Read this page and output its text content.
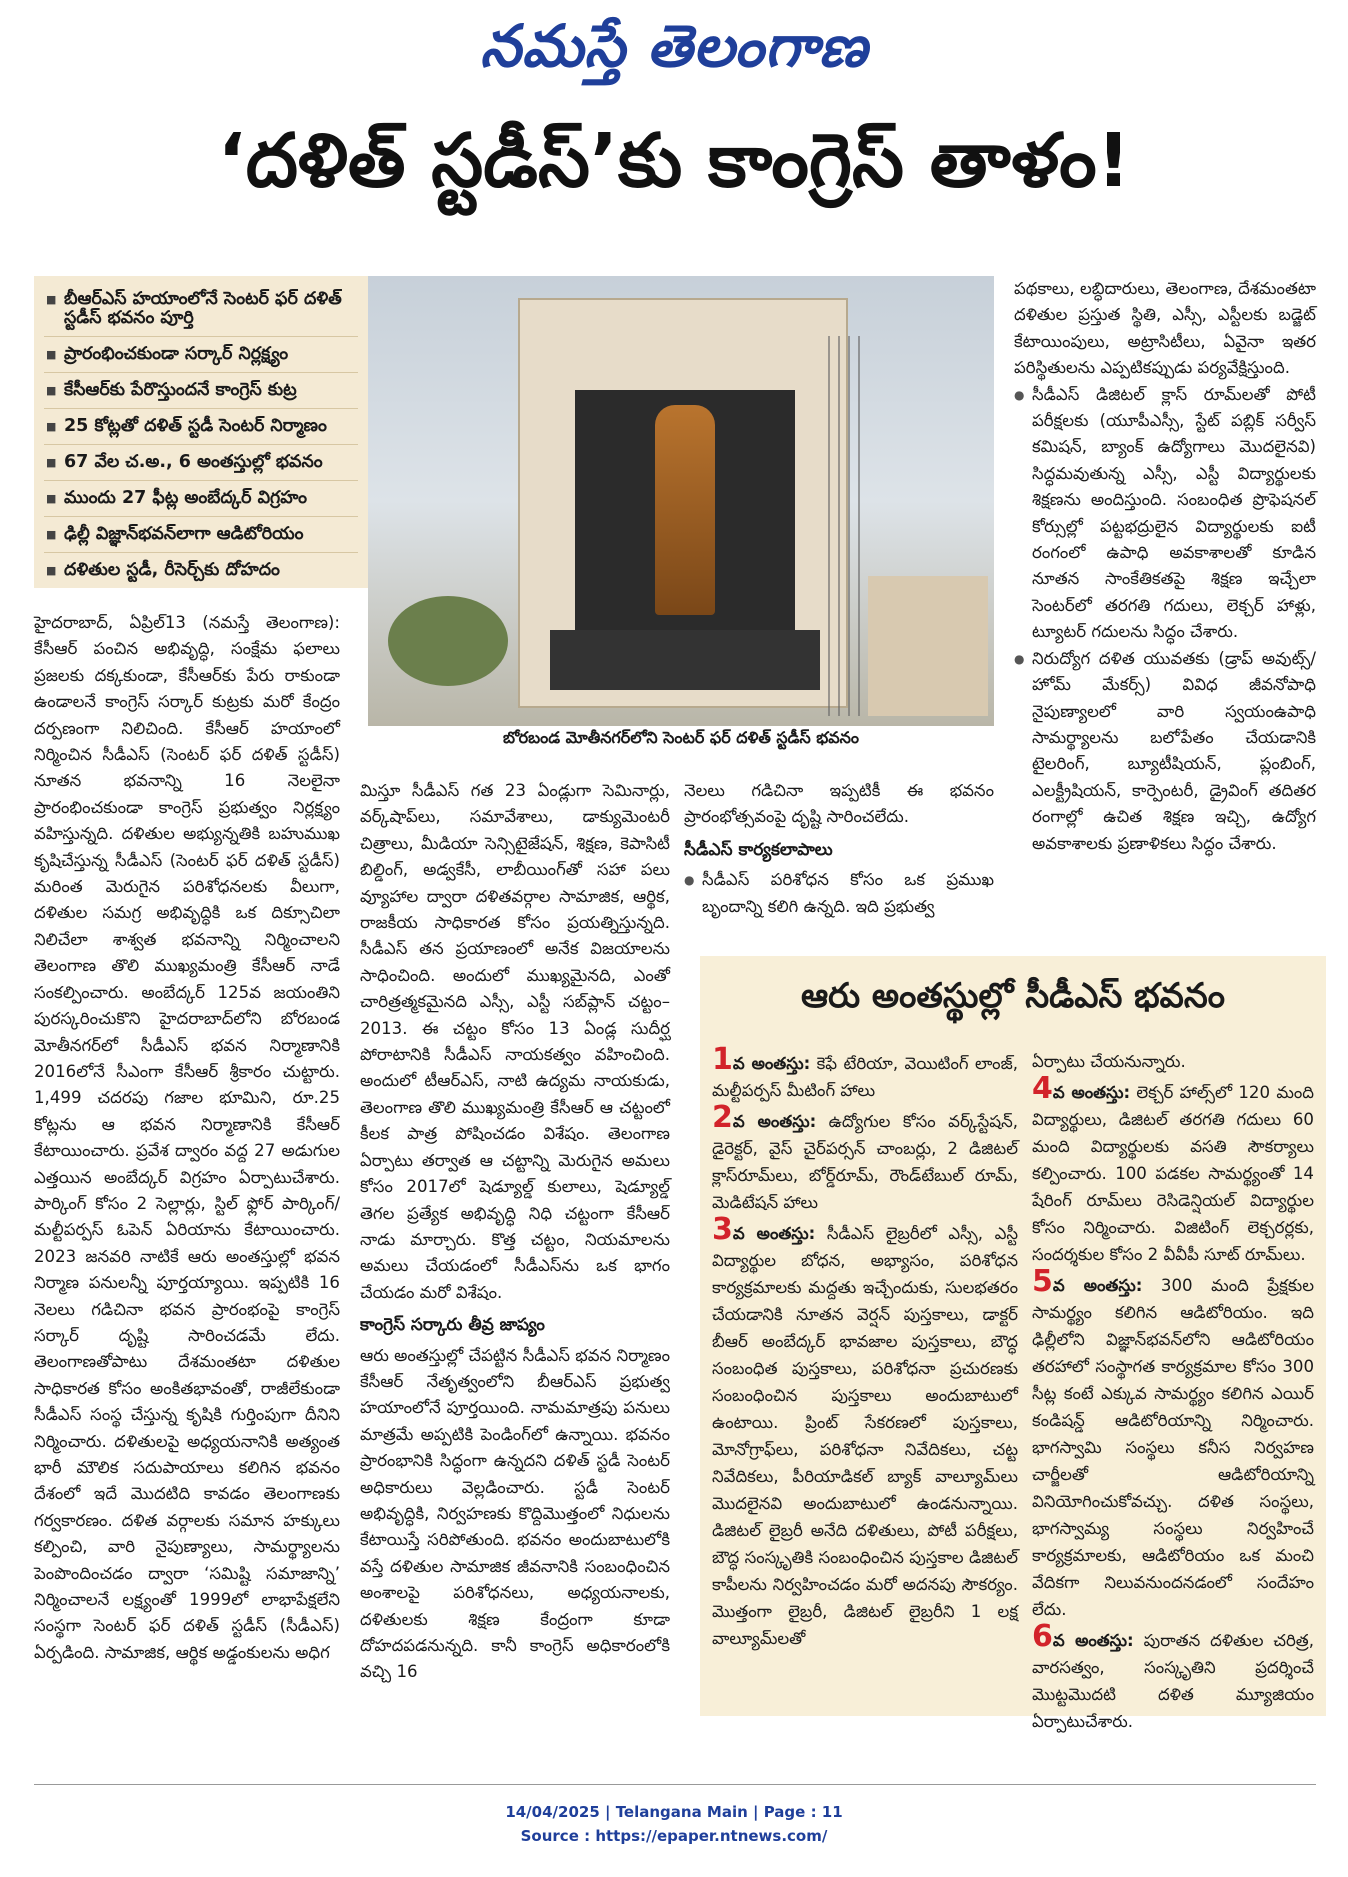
నమస్తే తెలంగాణ
‘దళిత్ స్టడీస్’కు కాంగ్రెస్ తాళం!
■ బీఆర్ఎస్ హయాంలోనే సెంటర్ ఫర్ దళిత్ స్టడీస్ భవనం పూర్తి
■ ప్రారంభించకుండా సర్కార్ నిర్లక్ష్యం
■ కేసీఆర్‌కు పేరొస్తుందనే కాంగ్రెస్ కుట్ర
■ 25 కోట్లతో దళిత్ స్టడీ సెంటర్ నిర్మాణం
■ 67 వేల చ.అ., 6 అంతస్తుల్లో భవనం
■ ముందు 27 ఫీట్ల అంబేద్కర్ విగ్రహం
■ ఢిల్లీ విజ్ఞాన్‌భవన్‌లాగా ఆడిటోరియం
■ దళితుల స్టడీ, రీసెర్చ్‌కు దోహదం
బోరబండ మోతీనగర్‌లోని సెంటర్ ఫర్ దళిత్ స్టడీస్ భవనం

హైదరాబాద్, ఏప్రిల్13 (నమస్తే తెలంగాణ): కేసీఆర్ పంచిన అభివృద్ధి, సంక్షేమ ఫలాలు ప్రజలకు దక్కకుండా, కేసీఆర్‌కు పేరు రాకుండా ఉండాలనే కాంగ్రెస్ సర్కార్ కుట్రకు మరో కేంద్రం దర్పణంగా నిలిచింది. కేసీఆర్ హయాంలో నిర్మించిన సీడీఎస్ (సెంటర్ ఫర్ దళిత్ స్టడీస్) నూతన భవనాన్ని 16 నెలలైనా ప్రారంభించకుండా కాంగ్రెస్ ప్రభుత్వం నిర్లక్ష్యం వహిస్తున్నది. దళితుల అభ్యున్నతికి బహుముఖ కృషిచేస్తున్న సీడీఎస్ (సెంటర్ ఫర్ దళిత్ స్టడీస్) మరింత మెరుగైన పరిశోధనలకు వీలుగా, దళితుల సమగ్ర అభివృద్ధికి ఒక దిక్సూచిలా నిలిచేలా శాశ్వత భవనాన్ని నిర్మించాలని తెలంగాణ తొలి ముఖ్యమంత్రి కేసీఆర్ నాడే సంకల్పించారు. అంబేద్కర్ 125వ జయంతిని పురస్కరించుకొని హైదరాబాద్‌లోని బోరబండ మోతీనగర్‌లో సీడీఎస్ భవన నిర్మాణానికి 2016లోనే సీఎంగా కేసీఆర్ శ్రీకారం చుట్టారు. 1,499 చదరపు గజాల భూమిని, రూ.25 కోట్లను ఆ భవన నిర్మాణానికి కేసీఆర్ కేటాయించారు. ప్రవేశ ద్వారం వద్ద 27 అడుగుల ఎత్తయిన అంబేద్కర్ విగ్రహం ఏర్పాటుచేశారు. పార్కింగ్ కోసం 2 సెల్లార్లు, స్టిల్ ఫ్లోర్ పార్కింగ్/మల్టీపర్పస్ ఓపెన్ ఏరియాను కేటాయించారు. 2023 జనవరి నాటికే ఆరు అంతస్తుల్లో భవన నిర్మాణ పనులన్నీ పూర్తయ్యాయి. ఇప్పటికి 16 నెలలు గడిచినా భవన ప్రారంభంపై కాంగ్రెస్ సర్కార్ దృష్టి సారించడమే లేదు. తెలంగాణతోపాటు దేశమంతటా దళితుల సాధికారత కోసం అంకితభావంతో, రాజీలేకుండా సీడీఎస్ సంస్థ చేస్తున్న కృషికి గుర్తింపుగా దీనిని నిర్మించారు. దళితులపై అధ్యయనానికి అత్యంత భారీ మౌలిక సదుపాయాలు కలిగిన భవనం దేశంలో ఇదే మొదటిది కావడం తెలంగాణకు గర్వకారణం. దళిత వర్గాలకు సమాన హక్కులు కల్పించి, వారి నైపుణ్యాలు, సామర్థ్యాలను పెంపొందించడం ద్వారా ‘సమిష్టి సమాజాన్ని’ నిర్మించాలనే లక్ష్యంతో 1999లో లాభాపేక్షలేని సంస్థగా సెంటర్ ఫర్ దళిత్ స్టడీస్ (సీడీఎస్) ఏర్పడింది. సామాజిక, ఆర్థిక అడ్డంకులను అధిగ

మిస్తూ సీడీఎస్ గత 23 ఏండ్లుగా సెమినార్లు, వర్క్‌షాప్‌లు, సమావేశాలు, డాక్యుమెంటరీ చిత్రాలు, మీడియా సెన్సిటైజేషన్, శిక్షణ, కెపాసిటీ బిల్డింగ్, అడ్వకేసీ, లాబీయింగ్‌తో సహా పలు వ్యూహాల ద్వారా దళితవర్గాల సామాజిక, ఆర్థిక, రాజకీయ సాధికారత కోసం ప్రయత్నిస్తున్నది. సీడీఎస్ తన ప్రయాణంలో అనేక విజయాలను సాధించింది. అందులో ముఖ్యమైనది, ఎంతో చారిత్రత్మకమైనది ఎస్సీ, ఎస్టీ సబ్‌ప్లాన్ చట్టం–2013. ఈ చట్టం కోసం 13 ఏండ్ల సుదీర్ఘ పోరాటానికి సీడీఎస్ నాయకత్వం వహించింది. అందులో టీఆర్ఎస్, నాటి ఉద్యమ నాయకుడు, తెలంగాణ తొలి ముఖ్యమంత్రి కేసీఆర్ ఆ చట్టంలో కీలక పాత్ర పోషించడం విశేషం. తెలంగాణ ఏర్పాటు తర్వాత ఆ చట్టాన్ని మెరుగైన అమలు కోసం 2017లో షెడ్యూల్డ్ కులాలు, షెడ్యూల్డ్ తెగల ప్రత్యేక అభివృద్ధి నిధి చట్టంగా కేసీఆర్ నాడు మార్చారు. కొత్త చట్టం, నియమాలను అమలు చేయడంలో సీడీఎస్‌ను ఒక భాగం చేయడం మరో విశేషం.

కాంగ్రెస్ సర్కారు తీవ్ర జాప్యం

ఆరు అంతస్తుల్లో చేపట్టిన సీడీఎస్ భవన నిర్మాణం కేసీఆర్ నేతృత్వంలోని బీఆర్ఎస్ ప్రభుత్వ హయాంలోనే పూర్తయింది. నామమాత్రపు పనులు మాత్రమే అప్పటికి పెండింగ్‌లో ఉన్నాయి. భవనం ప్రారంభానికి సిద్ధంగా ఉన్నదని దళిత్ స్టడీ సెంటర్ అధికారులు వెల్లడించారు. స్టడీ సెంటర్ అభివృద్ధికి, నిర్వహణకు కొద్దిమొత్తంలో నిధులను కేటాయిస్తే సరిపోతుంది. భవనం అందుబాటులోకి వస్తే దళితుల సామాజిక జీవనానికి సంబంధించిన అంశాలపై పరిశోధనలు, అధ్యయనాలకు, దళితులకు శిక్షణ కేంద్రంగా కూడా దోహదపడనున్నది. కానీ కాంగ్రెస్ అధికారంలోకి వచ్చి 16

నెలలు గడిచినా ఇప్పటికీ ఈ భవనం ప్రారంభోత్సవంపై దృష్టి సారించలేదు.

సీడీఎస్ కార్యకలాపాలు

● సీడీఎస్ పరిశోధన కోసం ఒక ప్రముఖ బృందాన్ని కలిగి ఉన్నది. ఇది ప్రభుత్వ

పథకాలు, లబ్ధిదారులు, తెలంగాణ, దేశమంతటా దళితుల ప్రస్తుత స్థితి, ఎస్సీ, ఎస్టీలకు బడ్జెట్ కేటాయింపులు, అట్రాసిటీలు, ఏవైనా ఇతర పరిస్థితులను ఎప్పటికప్పుడు పర్యవేక్షిస్తుంది.

● సీడీఎస్ డిజిటల్ క్లాస్ రూమ్‌లతో పోటీ పరీక్షలకు (యూపీఎస్సీ, స్టేట్ పబ్లిక్ సర్వీస్ కమిషన్, బ్యాంక్ ఉద్యోగాలు మొదలైనవి) సిద్ధమవుతున్న ఎస్సీ, ఎస్టీ విద్యార్థులకు శిక్షణను అందిస్తుంది. సంబంధిత ప్రొఫెషనల్ కోర్సుల్లో పట్టభద్రులైన విద్యార్థులకు ఐటీ రంగంలో ఉపాధి అవకాశాలతో కూడిన నూతన సాంకేతికతపై శిక్షణ ఇచ్చేలా సెంటర్‌లో తరగతి గదులు, లెక్చర్ హాళ్లు, ట్యూటర్ గదులను సిద్ధం చేశారు.

● నిరుద్యోగ దళిత యువతకు (డ్రాప్ అవుట్స్/హోమ్ మేకర్స్) వివిధ జీవనోపాధి నైపుణ్యాలలో వారి స్వయంఉపాధి సామర్థ్యాలను బలోపేతం చేయడానికి టైలరింగ్, బ్యూటీషియన్, ప్లంబింగ్, ఎలక్ట్రీషియన్, కార్పెంటరీ, డ్రైవింగ్ తదితర రంగాల్లో ఉచిత శిక్షణ ఇచ్చి, ఉద్యోగ అవకాశాలకు ప్రణాళికలు సిద్ధం చేశారు.

ఆరు అంతస్థుల్లో సీడీఎస్ భవనం
1వ అంతస్తు: కెఫే టేరియా, వెయిటింగ్ లాంజ్, మల్టీపర్పస్ మీటింగ్ హాలు
2వ అంతస్తు: ఉద్యోగుల కోసం వర్క్‌స్టేషన్, డైరెక్టర్, వైస్ చైర్‌పర్సన్ చాంబర్లు, 2 డిజిటల్ క్లాస్‌రూమ్‌లు, బోర్డ్‌రూమ్, రౌండ్‌టేబుల్ రూమ్, మెడిటేషన్ హాలు
3వ అంతస్తు: సీడీఎస్ లైబ్రరీలో ఎస్సీ, ఎస్టీ విద్యార్థుల బోధన, అభ్యాసం, పరిశోధన కార్యక్రమాలకు మద్దతు ఇచ్చేందుకు, సులభతరం చేయడానికి నూతన వెర్షన్ పుస్తకాలు, డాక్టర్ బీఆర్ అంబేద్కర్ భావజాల పుస్తకాలు, బౌద్ధ సంబంధిత పుస్తకాలు, పరిశోధనా ప్రచురణకు సంబంధించిన పుస్తకాలు అందుబాటులో ఉంటాయి. ప్రింట్ సేకరణలో పుస్తకాలు, మోనోగ్రాఫ్‌లు, పరిశోధనా నివేదికలు, చట్ట నివేదికలు, పీరియాడికల్ బ్యాక్ వాల్యూమ్‌లు మొదలైనవి అందుబాటులో ఉండనున్నాయి. డిజిటల్ లైబ్రరీ అనేది దళితులు, పోటీ పరీక్షలు, బౌద్ధ సంస్కృతికి సంబంధించిన పుస్తకాల డిజిటల్ కాపీలను నిర్వహించడం మరో అదనపు సౌకర్యం. మొత్తంగా లైబ్రరీ, డిజిటల్ లైబ్రరీని 1 లక్ష వాల్యూమ్‌లతో
ఏర్పాటు చేయనున్నారు.
4వ అంతస్తు: లెక్చర్ హాల్స్‌లో 120 మంది విద్యార్థులు, డిజిటల్ తరగతి గదులు 60 మంది విద్యార్థులకు వసతి సౌకర్యాలు కల్పించారు. 100 పడకల సామర్థ్యంతో 14 షేరింగ్ రూమ్‌లు రెసిడెన్షియల్ విద్యార్థుల కోసం నిర్మించారు. విజిటింగ్ లెక్చరర్లకు, సందర్శకుల కోసం 2 వీవీపీ సూట్ రూమ్‌లు.
5వ అంతస్తు: 300 మంది ప్రేక్షకుల సామర్థ్యం కలిగిన ఆడిటోరియం. ఇది ఢిల్లీలోని విజ్ఞాన్‌భవన్‌లోని ఆడిటోరియం తరహాలో సంస్థాగత కార్యక్రమాల కోసం 300 సీట్ల కంటే ఎక్కువ సామర్థ్యం కలిగిన ఎయిర్ కండిషన్డ్ ఆడిటోరియాన్ని నిర్మించారు. భాగస్వామి సంస్థలు కనీస నిర్వహణ చార్జీలతో ఆడిటోరియాన్ని వినియోగించుకోవచ్చు. దళిత సంస్థలు, భాగస్వామ్య సంస్థలు నిర్వహించే కార్యక్రమాలకు, ఆడిటోరియం ఒక మంచి వేదికగా నిలువనుందనడంలో సందేహం లేదు.
6వ అంతస్తు: పురాతన దళితుల చరిత్ర, వారసత్వం, సంస్కృతిని ప్రదర్శించే మొట్టమొదటి దళిత మ్యూజియం ఏర్పాటుచేశారు.
14/04/2025 | Telangana Main | Page : 11
Source : https://epaper.ntnews.com/
